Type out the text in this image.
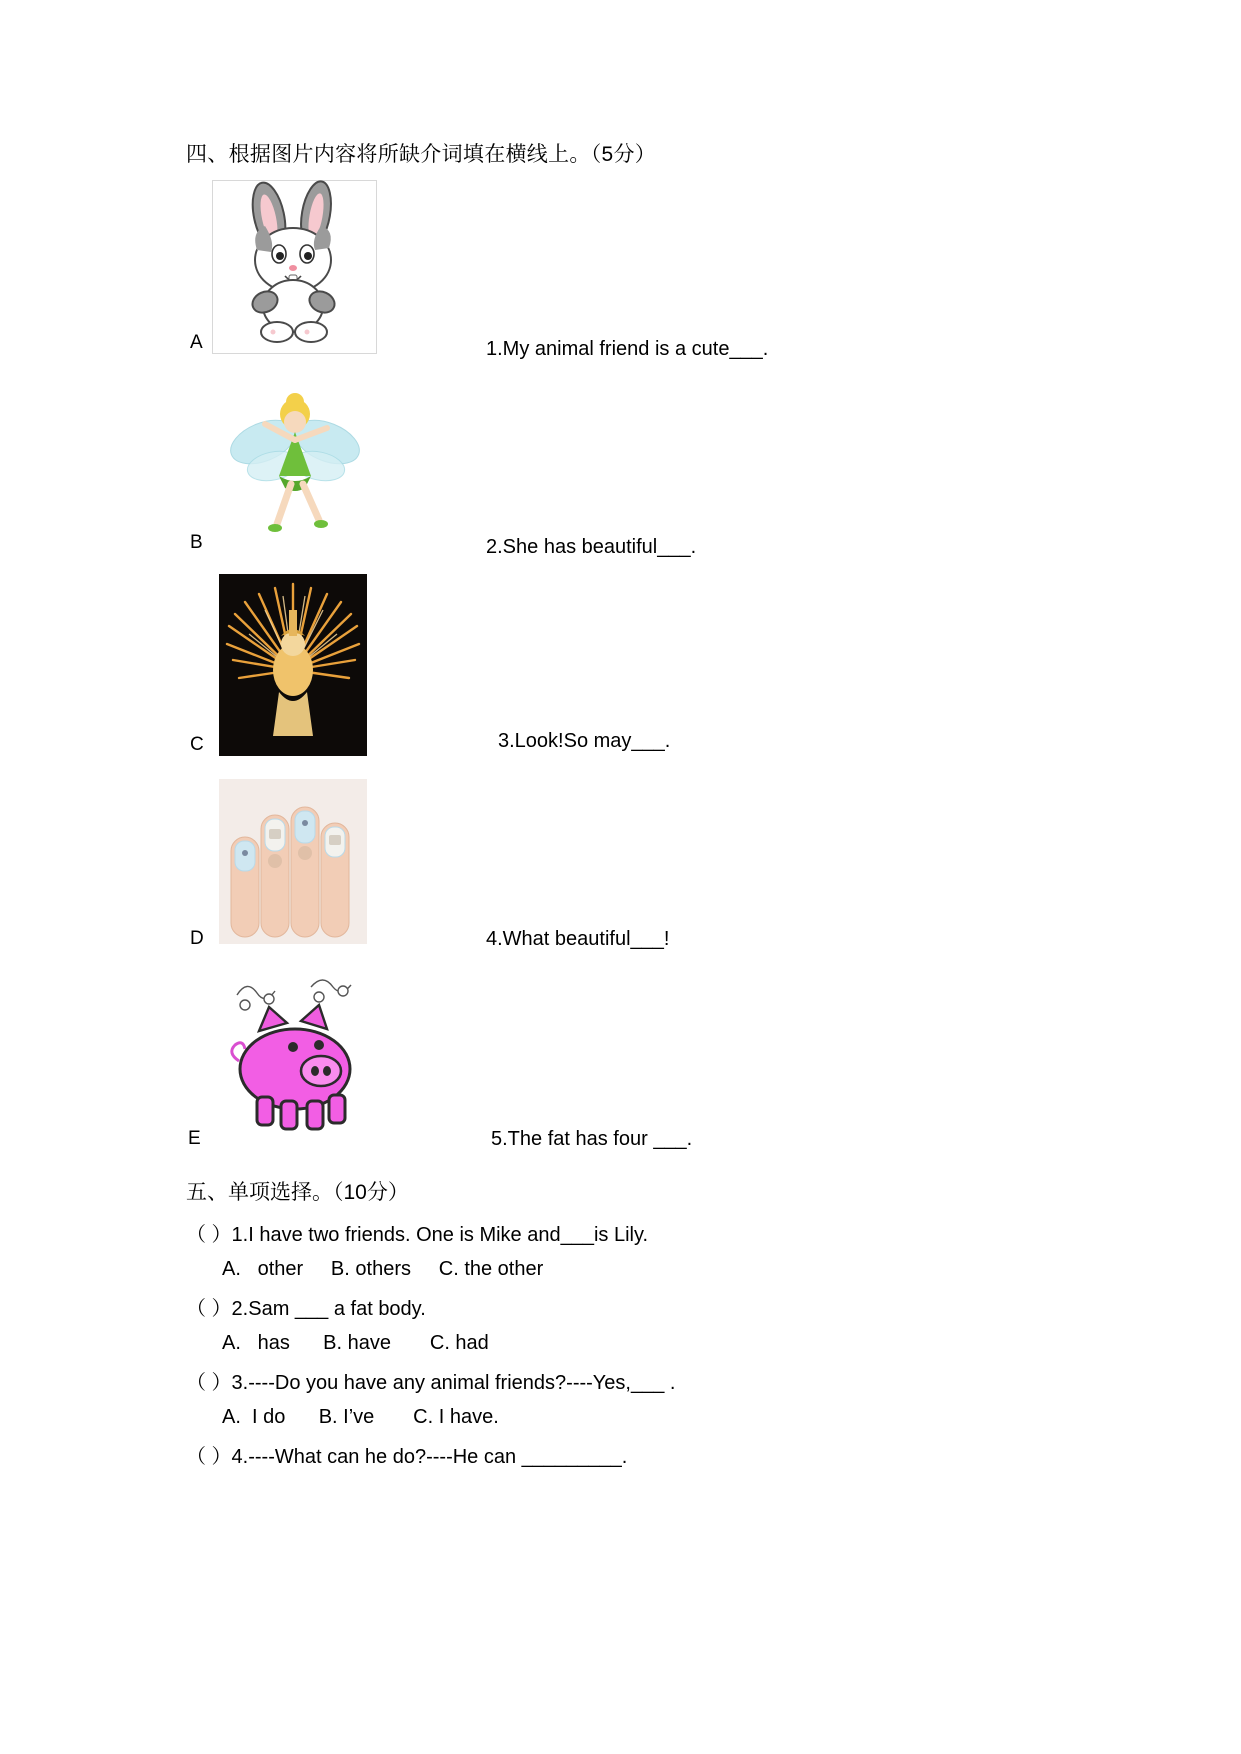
四、根据图片内容将所缺介词填在横线上。（5分）
A	1.My animal friend is a cute___.
B	2.She has beautiful___.
C	3.Look!So may___.
D	4.What beautiful___!
E	5.The fat has four ___.
五、单项选择。（10分）
（ ）1.I have two friends. One is Mike and___is Lily.
A.   other     B. others     C. the other
（ ）2.Sam ___ a fat body.
A.   has      B. have       C. had
（ ）3.----Do you have any animal friends?----Yes,___ .
A.  I do      B. I’ve       C. I have.
（ ）4.----What can he do?----He can _________.
